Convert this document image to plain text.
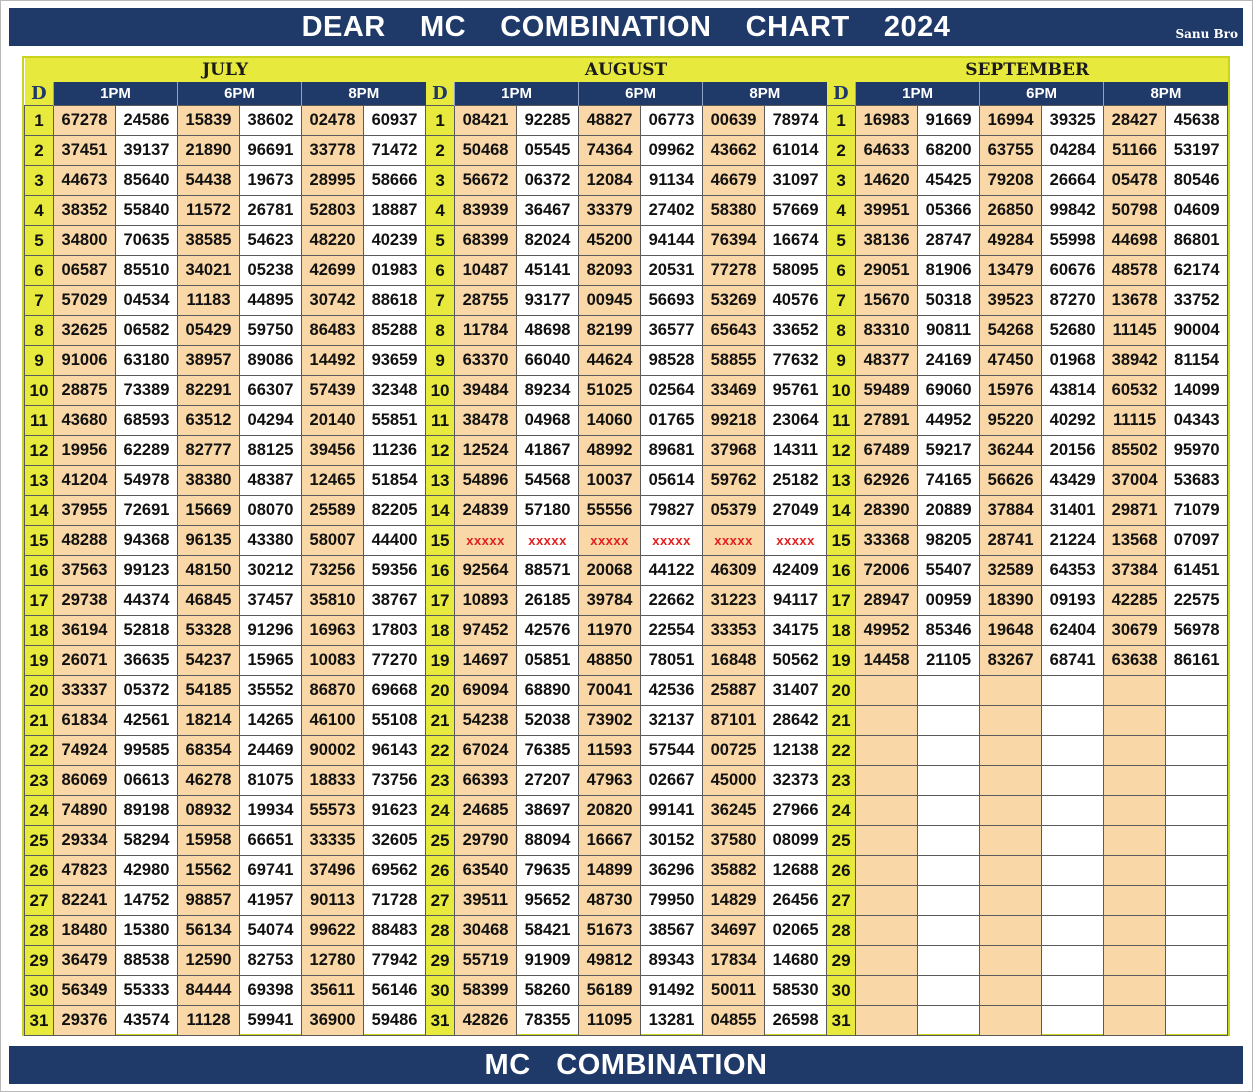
DEAR    MC    COMBINATION    CHART    2024	Sanu Bro
JULY							AUGUST							SEPTEMBER						
D	1PM		6PM		8PM		D	1PM		6PM		8PM		D	1PM		6PM		8PM	
1	67278	24586	15839	38602	02478	60937	1	08421	92285	48827	06773	00639	78974	1	16983	91669	16994	39325	28427	45638
2	37451	39137	21890	96691	33778	71472	2	50468	05545	74364	09962	43662	61014	2	64633	68200	63755	04284	51166	53197
3	44673	85640	54438	19673	28995	58666	3	56672	06372	12084	91134	46679	31097	3	14620	45425	79208	26664	05478	80546
4	38352	55840	11572	26781	52803	18887	4	83939	36467	33379	27402	58380	57669	4	39951	05366	26850	99842	50798	04609
5	34800	70635	38585	54623	48220	40239	5	68399	82024	45200	94144	76394	16674	5	38136	28747	49284	55998	44698	86801
6	06587	85510	34021	05238	42699	01983	6	10487	45141	82093	20531	77278	58095	6	29051	81906	13479	60676	48578	62174
7	57029	04534	11183	44895	30742	88618	7	28755	93177	00945	56693	53269	40576	7	15670	50318	39523	87270	13678	33752
8	32625	06582	05429	59750	86483	85288	8	11784	48698	82199	36577	65643	33652	8	83310	90811	54268	52680	11145	90004
9	91006	63180	38957	89086	14492	93659	9	63370	66040	44624	98528	58855	77632	9	48377	24169	47450	01968	38942	81154
10	28875	73389	82291	66307	57439	32348	10	39484	89234	51025	02564	33469	95761	10	59489	69060	15976	43814	60532	14099
11	43680	68593	63512	04294	20140	55851	11	38478	04968	14060	01765	99218	23064	11	27891	44952	95220	40292	11115	04343
12	19956	62289	82777	88125	39456	11236	12	12524	41867	48992	89681	37968	14311	12	67489	59217	36244	20156	85502	95970
13	41204	54978	38380	48387	12465	51854	13	54896	54568	10037	05614	59762	25182	13	62926	74165	56626	43429	37004	53683
14	37955	72691	15669	08070	25589	82205	14	24839	57180	55556	79827	05379	27049	14	28390	20889	37884	31401	29871	71079
15	48288	94368	96135	43380	58007	44400	15	xxxxx	xxxxx	xxxxx	xxxxx	xxxxx	xxxxx	15	33368	98205	28741	21224	13568	07097
16	37563	99123	48150	30212	73256	59356	16	92564	88571	20068	44122	46309	42409	16	72006	55407	32589	64353	37384	61451
17	29738	44374	46845	37457	35810	38767	17	10893	26185	39784	22662	31223	94117	17	28947	00959	18390	09193	42285	22575
18	36194	52818	53328	91296	16963	17803	18	97452	42576	11970	22554	33353	34175	18	49952	85346	19648	62404	30679	56978
19	26071	36635	54237	15965	10083	77270	19	14697	05851	48850	78051	16848	50562	19	14458	21105	83267	68741	63638	86161
20	33337	05372	54185	35552	86870	69668	20	69094	68890	70041	42536	25887	31407	20						
21	61834	42561	18214	14265	46100	55108	21	54238	52038	73902	32137	87101	28642	21						
22	74924	99585	68354	24469	90002	96143	22	67024	76385	11593	57544	00725	12138	22						
23	86069	06613	46278	81075	18833	73756	23	66393	27207	47963	02667	45000	32373	23						
24	74890	89198	08932	19934	55573	91623	24	24685	38697	20820	99141	36245	27966	24						
25	29334	58294	15958	66651	33335	32605	25	29790	88094	16667	30152	37580	08099	25						
26	47823	42980	15562	69741	37496	69562	26	63540	79635	14899	36296	35882	12688	26						
27	82241	14752	98857	41957	90113	71728	27	39511	95652	48730	79950	14829	26456	27						
28	18480	15380	56134	54074	99622	88483	28	30468	58421	51673	38567	34697	02065	28						
29	36479	88538	12590	82753	12780	77942	29	55719	91909	49812	89343	17834	14680	29						
30	56349	55333	84444	69398	35611	56146	30	58399	58260	56189	91492	50011	58530	30						
31	29376	43574	11128	59941	36900	59486	31	42826	78355	11095	13281	04855	26598	31						
MC   COMBINATION
